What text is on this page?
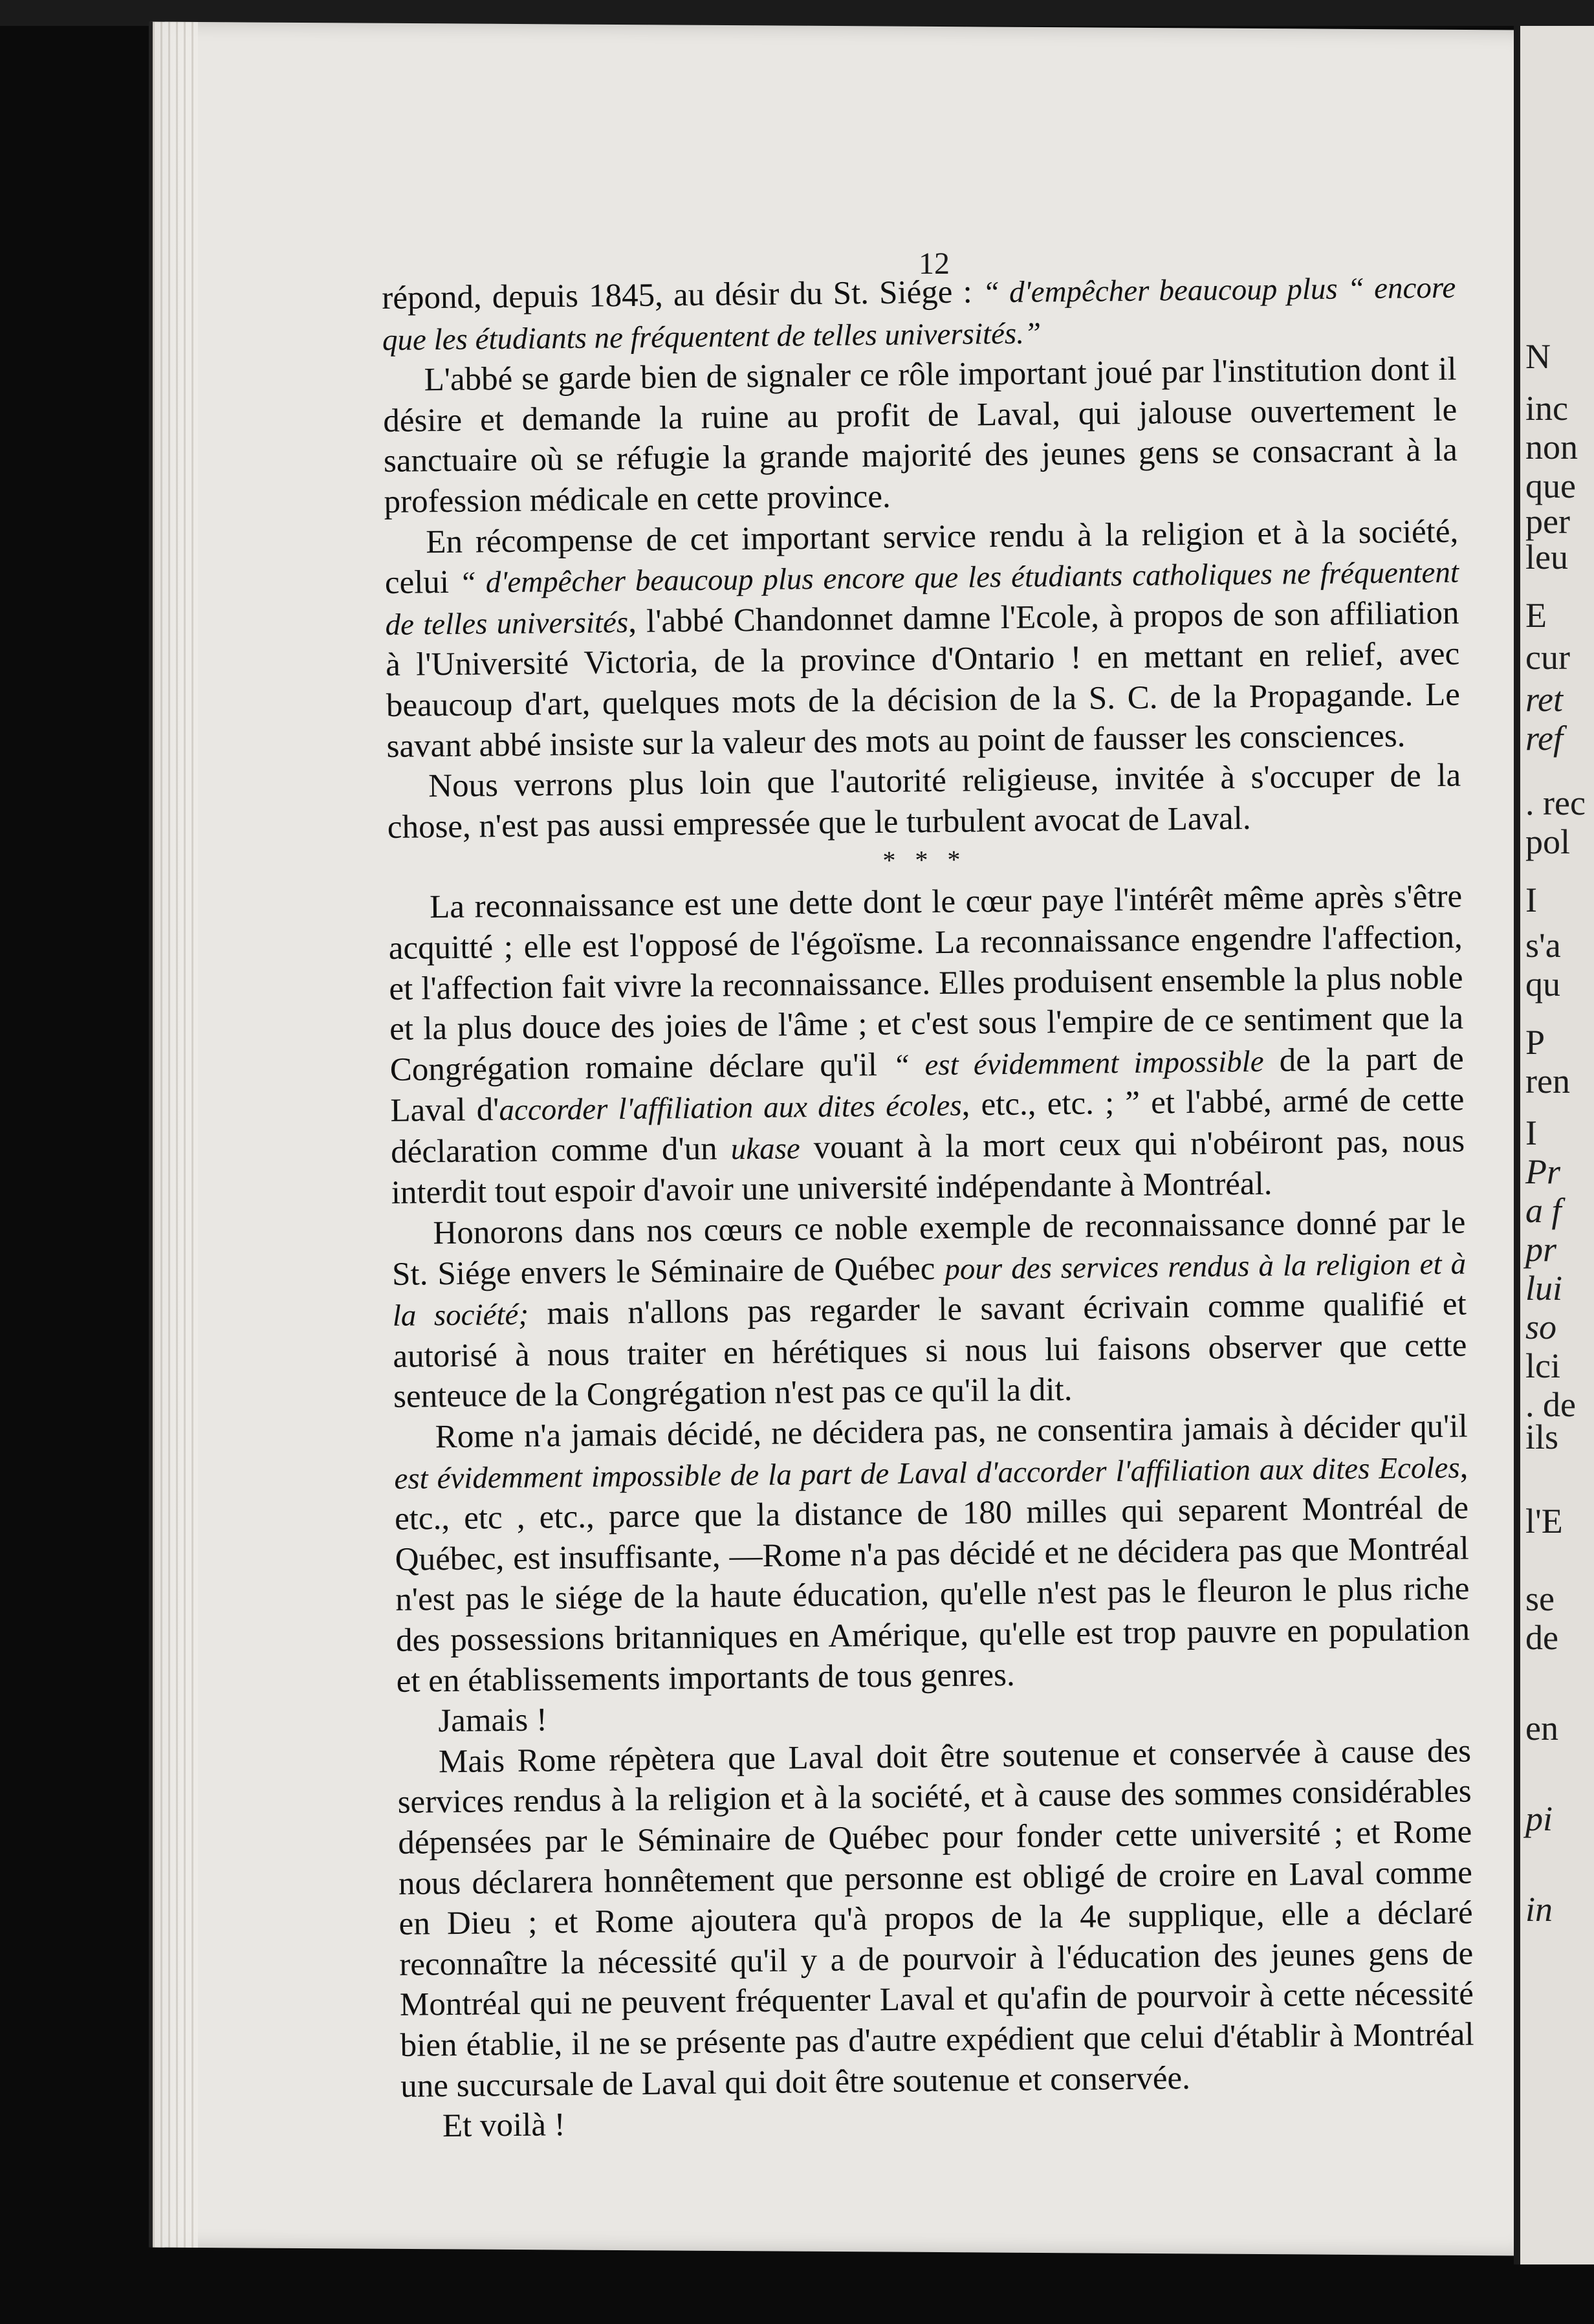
N
inc
non
que
per
leu
E
cur
ret
ref
. rec
pol
I
s'a
qu
P
ren
I
Pr
a f
pr
lui
so
lci
. de
ils
l'E
se
de
en
pi
in
12

répond, depuis 1845, au désir du St. Siége : “ d'empêcher beaucoup plus “ encore que les étudiants ne fréquentent de telles universités.”

L'abbé se garde bien de signaler ce rôle important joué par l'institution dont il désire et demande la ruine au profit de Laval, qui jalouse ouvertement le sanctuaire où se réfugie la grande majorité des jeunes gens se consacrant à la profession médicale en cette province.

En récompense de cet important service rendu à la religion et à la société, celui “ d'empêcher beaucoup plus encore que les étudiants catholiques ne fréquentent de telles universités, l'abbé Chandonnet damne l'Ecole, à propos de son affiliation à l'Université Victoria, de la province d'Ontario ! en mettant en relief, avec beaucoup d'art, quelques mots de la décision de la S. C. de la Propagande. Le savant abbé insiste sur la valeur des mots au point de fausser les consciences.

Nous verrons plus loin que l'autorité religieuse, invitée à s'occuper de la chose, n'est pas aussi empressée que le turbulent avocat de Laval.

* * *

La reconnaissance est une dette dont le cœur paye l'intérêt même après s'être acquitté ; elle est l'opposé de l'égoïsme. La reconnaissance engendre l'affection, et l'affection fait vivre la reconnaissance. Elles produisent ensemble la plus noble et la plus douce des joies de l'âme ; et c'est sous l'empire de ce sentiment que la Congrégation romaine déclare qu'il “ est évidemment impossible de la part de Laval d'accorder l'affiliation aux dites écoles, etc., etc. ; ” et l'abbé, armé de cette déclaration comme d'un ukase vouant à la mort ceux qui n'obéiront pas, nous interdit tout espoir d'avoir une université indépendante à Montréal.

Honorons dans nos cœurs ce noble exemple de reconnaissance donné par le St. Siége envers le Séminaire de Québec pour des services rendus à la religion et à la société; mais n'allons pas regarder le savant écrivain comme qualifié et autorisé à nous traiter en hérétiques si nous lui faisons observer que cette senteuce de la Congrégation n'est pas ce qu'il la dit.

Rome n'a jamais décidé, ne décidera pas, ne consentira jamais à décider qu'il est évidemment impossible de la part de Laval d'accorder l'affiliation aux dites Ecoles, etc., etc , etc., parce que la distance de 180 milles qui separent Montréal de Québec, est insuffisante, —Rome n'a pas décidé et ne décidera pas que Montréal n'est pas le siége de la haute éducation, qu'elle n'est pas le fleuron le plus riche des possessions britanniques en Amérique, qu'elle est trop pauvre en population et en établissements importants de tous genres.

Jamais !

Mais Rome répètera que Laval doit être soutenue et conservée à cause des services rendus à la religion et à la société, et à cause des sommes considérables dépensées par le Séminaire de Québec pour fonder cette université ; et Rome nous déclarera honnêtement que personne est obligé de croire en Laval comme en Dieu ; et Rome ajoutera qu'à propos de la 4e supplique, elle a déclaré reconnaître la nécessité qu'il y a de pourvoir à l'éducation des jeunes gens de Montréal qui ne peuvent fréquenter Laval et qu'afin de pourvoir à cette nécessité bien établie, il ne se présente pas d'autre expédient que celui d'établir à Montréal une succursale de Laval qui doit être soutenue et conservée.

Et voilà !
